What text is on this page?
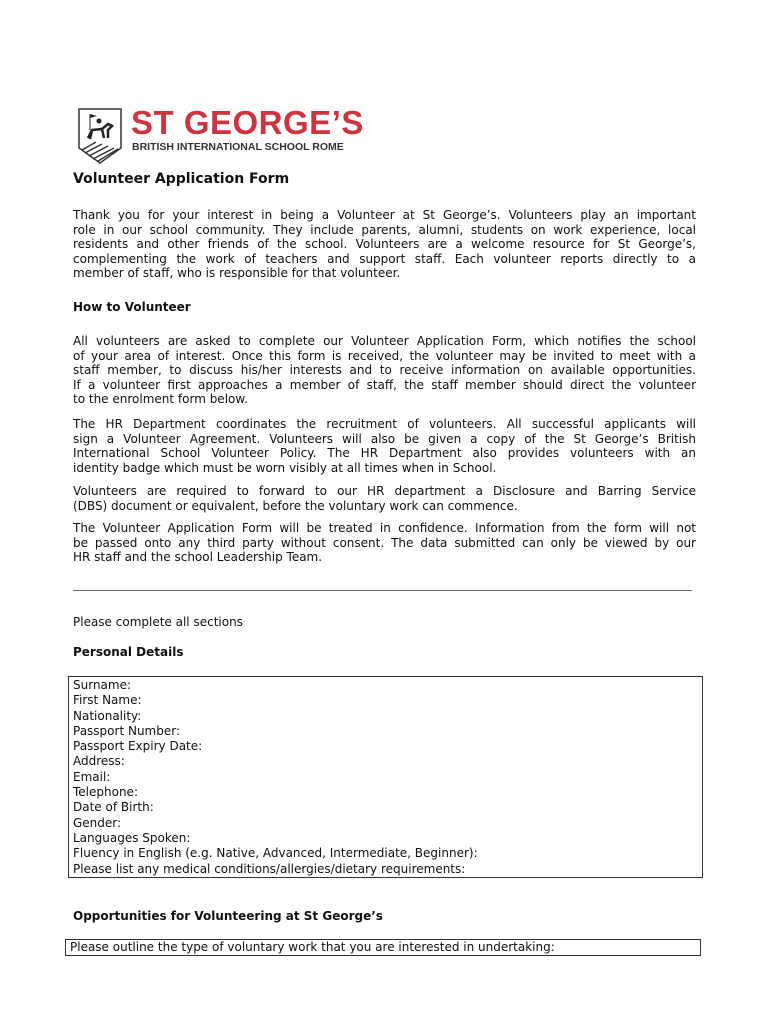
ST GEORGE’S
BRITISH INTERNATIONAL SCHOOL ROME
Volunteer Application Form
Thank you for your interest in being a Volunteer at St George’s. Volunteers play an important
role in our school community. They include parents, alumni, students on work experience, local
residents and other friends of the school. Volunteers are a welcome resource for St George’s,
complementing the work of teachers and support staff. Each volunteer reports directly to a
member of staff, who is responsible for that volunteer.
How to Volunteer
All volunteers are asked to complete our Volunteer Application Form, which notifies the school
of your area of interest. Once this form is received, the volunteer may be invited to meet with a
staff member, to discuss his/her interests and to receive information on available opportunities.
If a volunteer first approaches a member of staff, the staff member should direct the volunteer
to the enrolment form below.
The HR Department coordinates the recruitment of volunteers. All successful applicants will
sign a Volunteer Agreement. Volunteers will also be given a copy of the St George’s British
International School Volunteer Policy. The HR Department also provides volunteers with an
identity badge which must be worn visibly at all times when in School.
Volunteers are required to forward to our HR department a Disclosure and Barring Service
(DBS) document or equivalent, before the voluntary work can commence.
The Volunteer Application Form will be treated in confidence. Information from the form will not
be passed onto any third party without consent. The data submitted can only be viewed by our
HR staff and the school Leadership Team.
Please complete all sections
Personal Details
Surname:
First Name:
Nationality:
Passport Number:
Passport Expiry Date:
Address:
Email:
Telephone:
Date of Birth:
Gender:
Languages Spoken:
Fluency in English (e.g. Native, Advanced, Intermediate, Beginner):
Please list any medical conditions/allergies/dietary requirements:
Opportunities for Volunteering at St George’s
Please outline the type of voluntary work that you are interested in undertaking:
